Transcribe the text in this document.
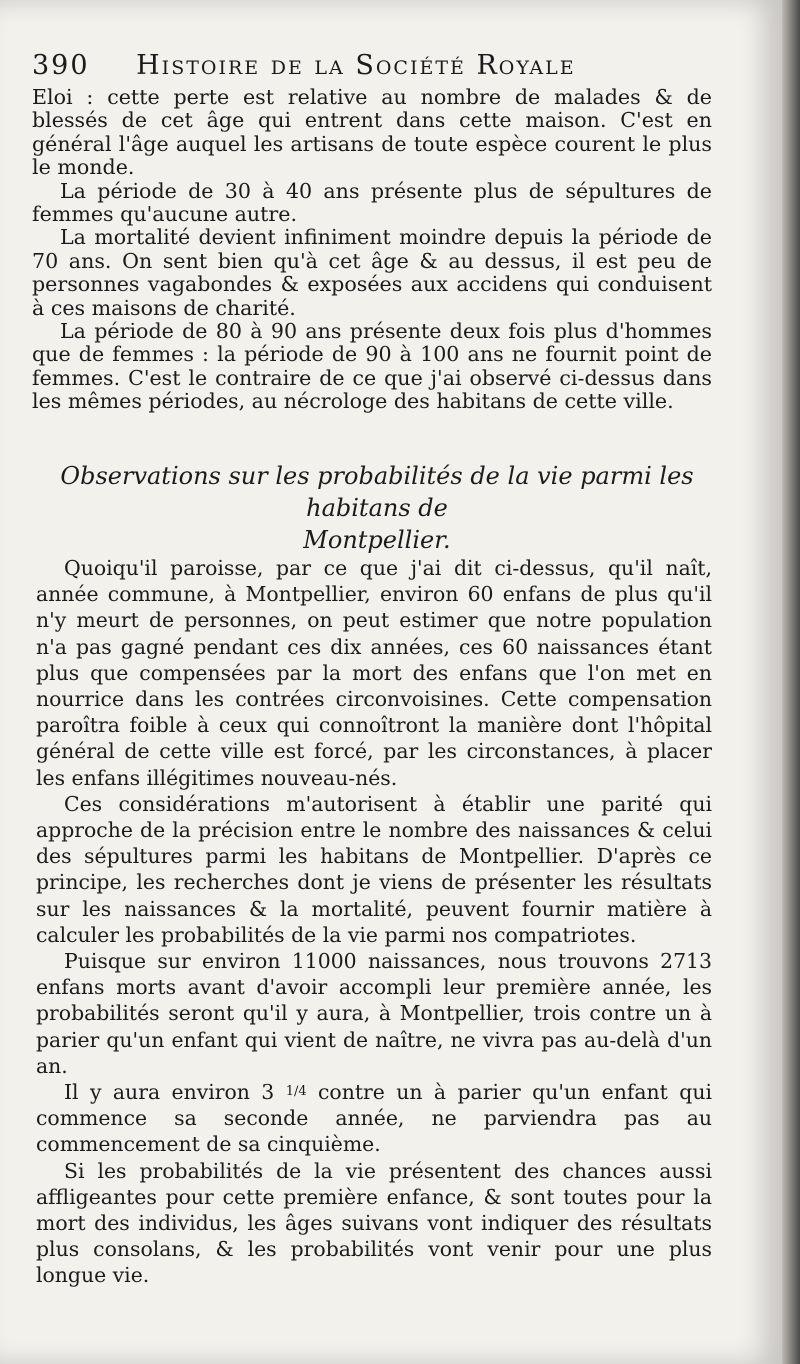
390 Histoire de la Société Royale

Eloi : cette perte est relative au nombre de malades & de blessés de cet âge qui entrent dans cette maison. C'est en général l'âge auquel les artisans de toute espèce courent le plus le monde.

La période de 30 à 40 ans présente plus de sépultures de femmes qu'aucune autre.

La mortalité devient infiniment moindre depuis la période de 70 ans. On sent bien qu'à cet âge & au dessus, il est peu de personnes vagabondes & exposées aux accidens qui conduisent à ces maisons de charité.

La période de 80 à 90 ans présente deux fois plus d'hommes que de femmes : la période de 90 à 100 ans ne fournit point de femmes. C'est le contraire de ce que j'ai observé ci-dessus dans les mêmes périodes, au nécrologe des habitans de cette ville.

Observations sur les probabilités de la vie parmi les habitans de
Montpellier.

Quoiqu'il paroisse, par ce que j'ai dit ci-dessus, qu'il naît, année commune, à Montpellier, environ 60 enfans de plus qu'il n'y meurt de personnes, on peut estimer que notre population n'a pas gagné pendant ces dix années, ces 60 naissances étant plus que compensées par la mort des enfans que l'on met en nourrice dans les contrées circonvoisines. Cette compensation paroîtra foible à ceux qui connoîtront la manière dont l'hôpital général de cette ville est forcé, par les circonstances, à placer les enfans illégitimes nouveau-nés.

Ces considérations m'autorisent à établir une parité qui approche de la précision entre le nombre des naissances & celui des sépultures parmi les habitans de Montpellier. D'après ce principe, les recherches dont je viens de présenter les résultats sur les naissances & la mortalité, peuvent fournir matière à calculer les probabilités de la vie parmi nos compatriotes.

Puisque sur environ 11000 naissances, nous trouvons 2713 enfans morts avant d'avoir accompli leur première année, les probabilités seront qu'il y aura, à Montpellier, trois contre un à parier qu'un enfant qui vient de naître, ne vivra pas au-delà d'un an.

Il y aura environ 3 1/4 contre un à parier qu'un enfant qui commence sa seconde année, ne parviendra pas au commencement de sa cinquième.

Si les probabilités de la vie présentent des chances aussi affligeantes pour cette première enfance, & sont toutes pour la mort des individus, les âges suivans vont indiquer des résultats plus consolans, & les probabilités vont venir pour une plus longue vie.
